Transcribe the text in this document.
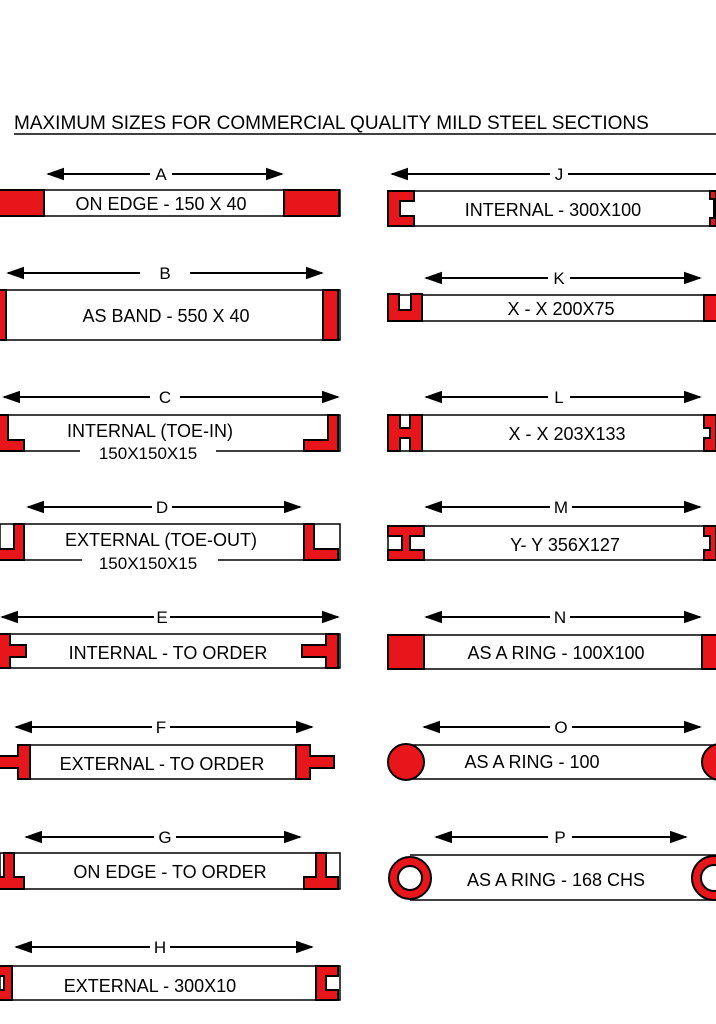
MAXIMUM SIZES FOR COMMERCIAL QUALITY MILD STEEL SECTIONS
A
ON EDGE - 150 X 40
B
AS BAND - 550 X 40
C
INTERNAL (TOE-IN)
150X150X15
D
EXTERNAL (TOE-OUT)
150X150X15
E
INTERNAL - TO ORDER
F
EXTERNAL - TO ORDER
G
ON EDGE - TO ORDER
H
EXTERNAL - 300X10
J
INTERNAL - 300X100
K
X - X 200X75
L
X - X 203X133
M
Y- Y 356X127
N
AS A RING - 100X100
O
AS A RING - 100
P
AS A RING - 168 CHS
